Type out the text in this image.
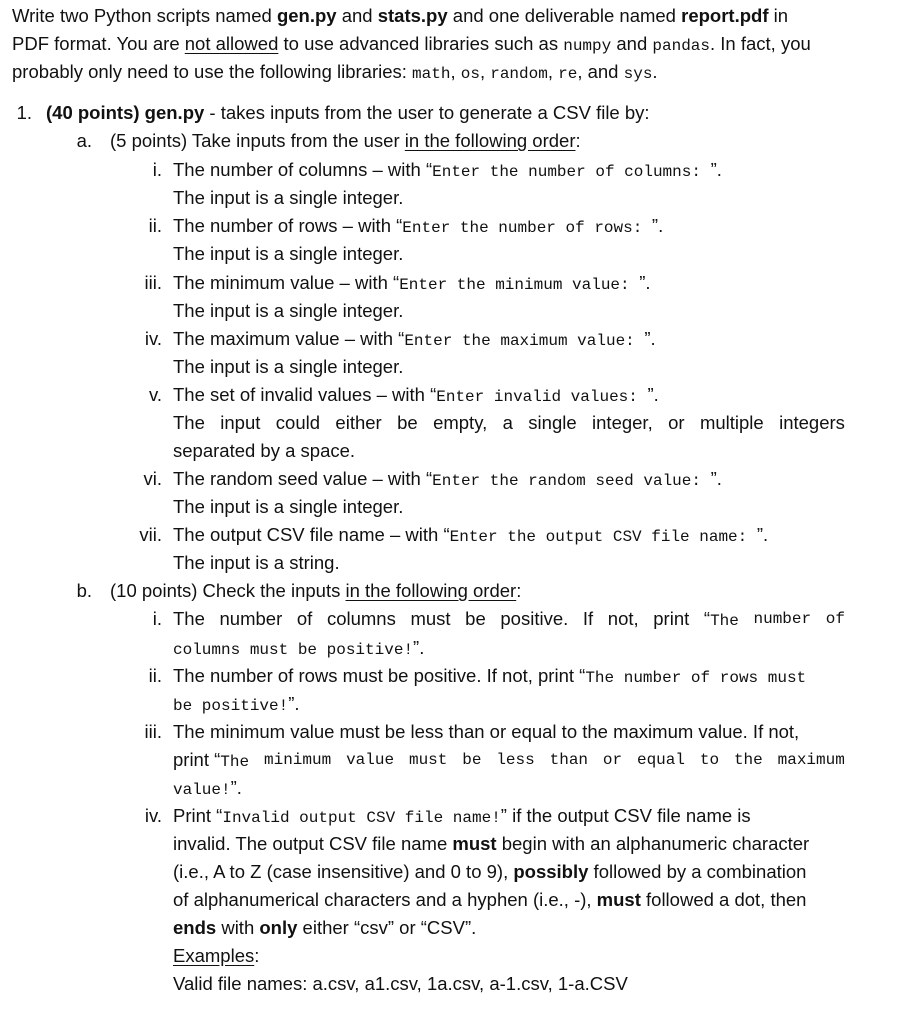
Write two Python scripts named gen.py and stats.py and one deliverable named report.pdf in
PDF format. You are not allowed to use advanced libraries such as numpy and pandas. In fact, you
probably only need to use the following libraries: math, os, random, re, and sys.
1. (40 points) gen.py - takes inputs from the user to generate a CSV file by:
a. (5 points) Take inputs from the user in the following order:
i. The number of columns – with “Enter the number of columns: ”.
The input is a single integer.
ii. The number of rows – with “Enter the number of rows: ”.
The input is a single integer.
iii. The minimum value – with “Enter the minimum value: ”.
The input is a single integer.
iv. The maximum value – with “Enter the maximum value: ”.
The input is a single integer.
v. The set of invalid values – with “Enter invalid values: ”.
The input could either be empty, a single integer, or multiple integers
separated by a space.
vi. The random seed value – with “Enter the random seed value: ”.
The input is a single integer.
vii. The output CSV file name – with “Enter the output CSV file name: ”.
The input is a string.
b. (10 points) Check the inputs in the following order:
i. The number of columns must be positive. If not, print “The number of
columns must be positive!”.
ii. The number of rows must be positive. If not, print “The number of rows must
be positive!”.
iii. The minimum value must be less than or equal to the maximum value. If not,
print “The minimum value must be less than or equal to the maximum
value!”.
iv. Print “Invalid output CSV file name!” if the output CSV file name is
invalid. The output CSV file name must begin with an alphanumeric character
(i.e., A to Z (case insensitive) and 0 to 9), possibly followed by a combination
of alphanumerical characters and a hyphen (i.e., -), must followed a dot, then
ends with only either “csv” or “CSV”.
Examples:
Valid file names: a.csv, a1.csv, 1a.csv, a-1.csv, 1-a.CSV
